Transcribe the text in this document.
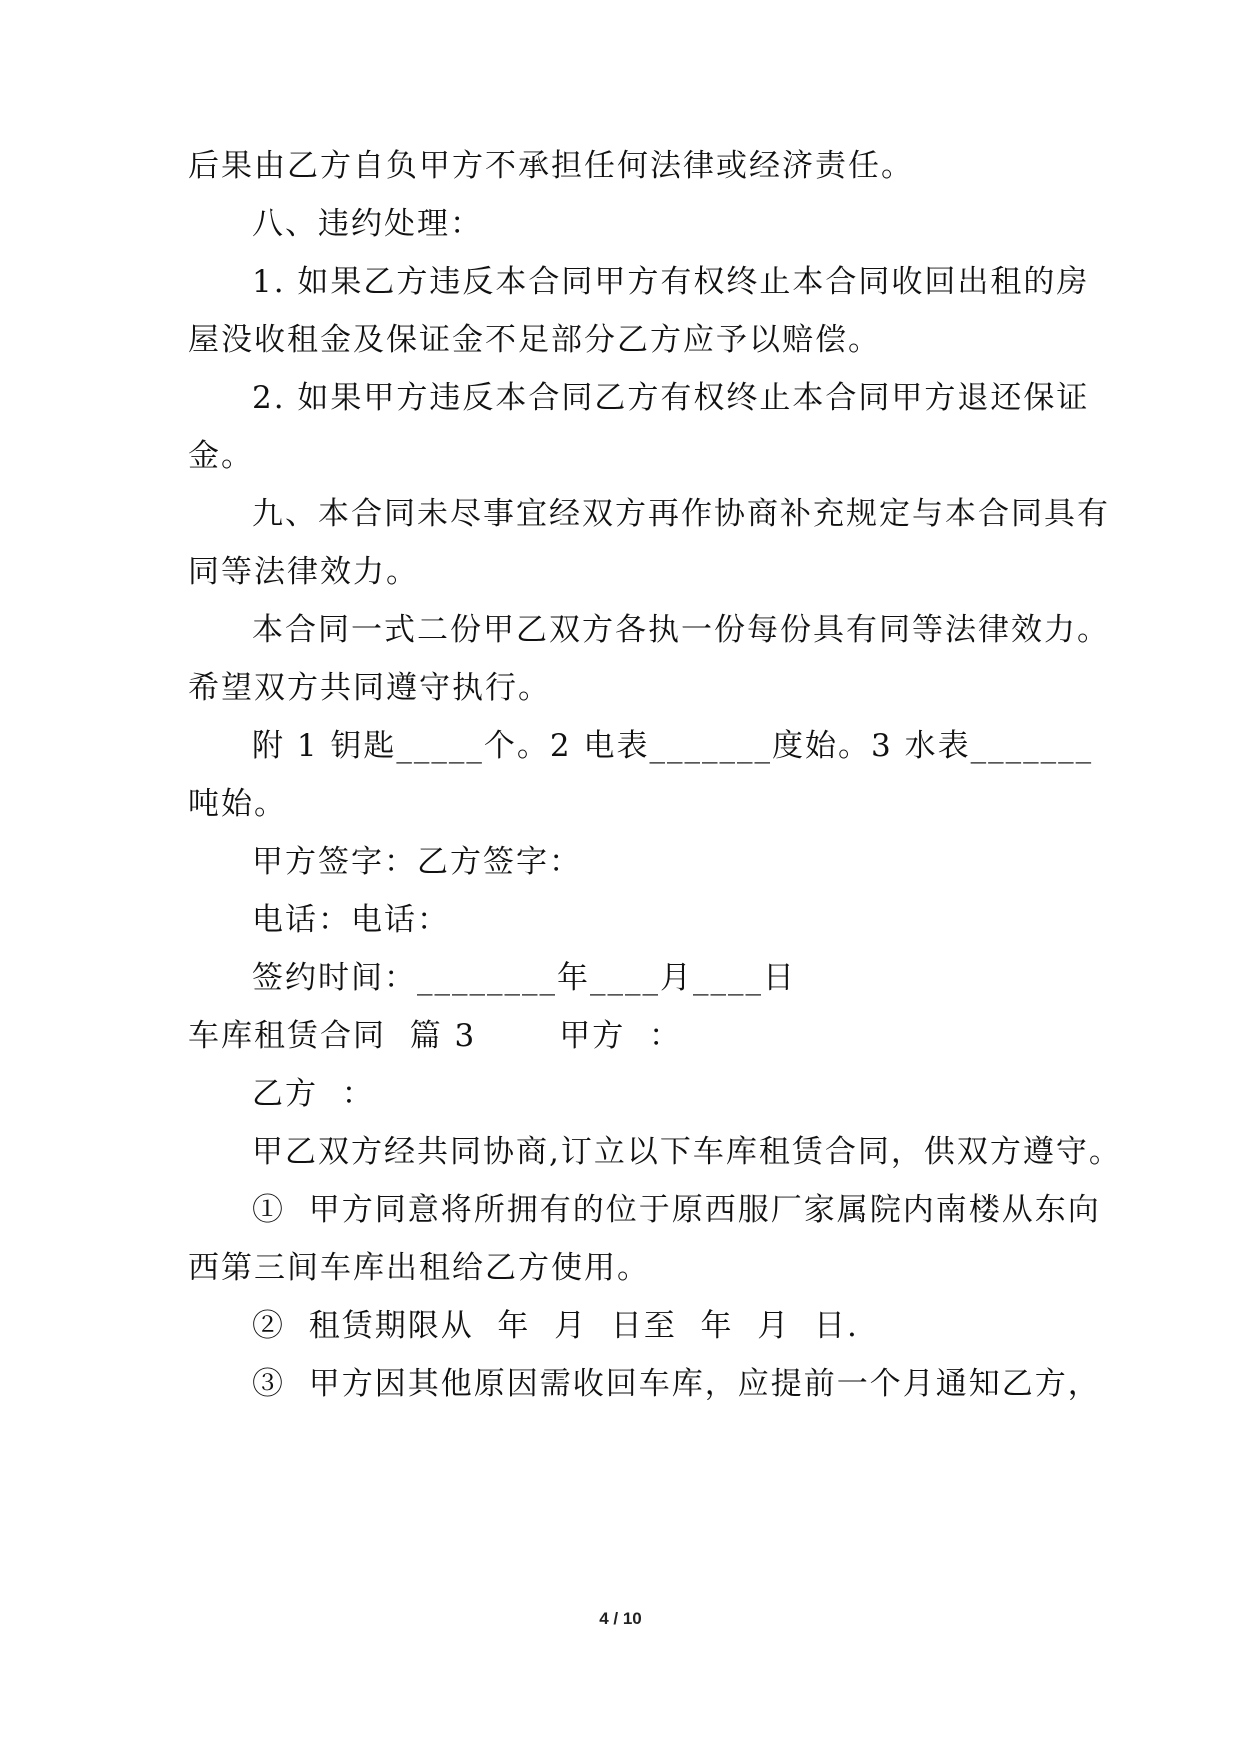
后果由乙方自负甲方不承担任何法律或经济责任。
八、违约处理：
1. 如果乙方违反本合同甲方有权终止本合同收回出租的房
屋没收租金及保证金不足部分乙方应予以赔偿。
2. 如果甲方违反本合同乙方有权终止本合同甲方退还保证
金。
九、本合同未尽事宜经双方再作协商补充规定与本合同具有
同等法律效力。
本合同一式二份甲乙双方各执一份每份具有同等法律效力。
希望双方共同遵守执行。
附 1 钥匙_____个。2 电表_______度始。3 水表_______
吨始。
甲方签字：乙方签字：
电话：电话：
签约时间：________年____月____日
车库租赁合同  篇 3       甲方  ：
乙方  ：
甲乙双方经共同协商,订立以下车库租赁合同，供双方遵守。
①  甲方同意将所拥有的位于原西服厂家属院内南楼从东向
西第三间车库出租给乙方使用。
②  租赁期限从  年  月  日至  年  月  日.
③  甲方因其他原因需收回车库，应提前一个月通知乙方，
4 / 10
